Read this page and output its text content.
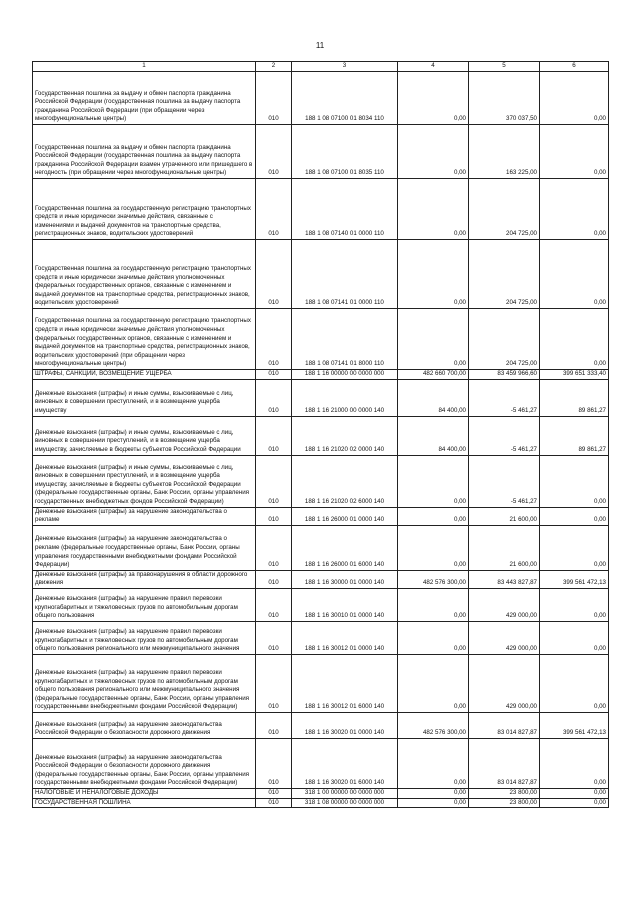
11
1	2	3	4	5	6
Государственная пошлина за выдачу и обмен паспорта гражданина Российской Федерации (государственная пошлина за выдачу паспорта гражданина Российской Федерации (при обращении через многофункциональные центры)	010	188 1 08 07100 01 8034 110	0,00	370 037,50	0,00
Государственная пошлина за выдачу и обмен паспорта гражданина Российской Федерации (государственная пошлина за выдачу паспорта гражданина Российской Федерации взамен утраченного или пришедшего в негодность (при обращении через многофункциональные центры)	010	188 1 08 07100 01 8035 110	0,00	163 225,00	0,00
Государственная пошлина за государственную регистрацию транспортных средств и иные юридически значимые действия, связанные с изменениями и выдачей документов на транспортные средства, регистрационных знаков, водительских удостоверений	010	188 1 08 07140 01 0000 110	0,00	204 725,00	0,00
Государственная пошлина за государственную регистрацию транспортных средств и иные юридически значимые действия уполномоченных федеральных государственных органов, связанные с изменением и выдачей документов на транспортные средства, регистрационных знаков, водительских удостоверений	010	188 1 08 07141 01 0000 110	0,00	204 725,00	0,00
Государственная пошлина за государственную регистрацию транспортных средств и иные юридически значимые действия уполномоченных федеральных государственных органов, связанные с изменением и выдачей документов на транспортные средства, регистрационных знаков, водительских удостоверений (при обращении через многофункциональные центры)	010	188 1 08 07141 01 8000 110	0,00	204 725,00	0,00
ШТРАФЫ, САНКЦИИ, ВОЗМЕЩЕНИЕ УЩЕРБА	010	188 1 16 00000 00 0000 000	482 660 700,00	83 459 966,60	399 651 333,40
Денежные взыскания (штрафы) и иные суммы, взыскиваемые с лиц, виновных в совершении преступлений, и в возмещение ущерба имуществу	010	188 1 16 21000 00 0000 140	84 400,00	-5 461,27	89 861,27
Денежные взыскания (штрафы) и иные суммы, взыскиваемые с лиц, виновных в совершении преступлений, и в возмещение ущерба имуществу, зачисляемые в бюджеты субъектов Российской Федерации	010	188 1 16 21020 02 0000 140	84 400,00	-5 461,27	89 861,27
Денежные взыскания (штрафы) и иные суммы, взыскиваемые с лиц, виновных в совершении преступлений, и в возмещение ущерба имуществу, зачисляемые в бюджеты субъектов Российской Федерации (федеральные государственные органы, Банк России, органы управления государственных внебюджетных фондов Российской Федерации)	010	188 1 16 21020 02 6000 140	0,00	-5 461,27	0,00
Денежные взыскания (штрафы) за нарушение законодательства о рекламе	010	188 1 16 26000 01 0000 140	0,00	21 600,00	0,00
Денежные взыскания (штрафы) за нарушение законодательства о рекламе (федеральные государственные органы, Банк России, органы управления государственными внебюджетными фондами Российской Федерации)	010	188 1 16 26000 01 6000 140	0,00	21 600,00	0,00
Денежные взыскания (штрафы) за правонарушения в области дорожного движения	010	188 1 16 30000 01 0000 140	482 576 300,00	83 443 827,87	399 561 472,13
Денежные взыскания (штрафы) за нарушение правил перевозки крупногабаритных и тяжеловесных грузов по автомобильным дорогам общего пользования	010	188 1 16 30010 01 0000 140	0,00	429 000,00	0,00
Денежные взыскания (штрафы) за нарушение правил перевозки крупногабаритных и тяжеловесных грузов по автомобильным дорогам общего пользования регионального или межмуниципального значения	010	188 1 16 30012 01 0000 140	0,00	429 000,00	0,00
Денежные взыскания (штрафы) за нарушение правил перевозки крупногабаритных и тяжеловесных грузов по автомобильным дорогам общего пользования регионального или межмуниципального значения (федеральные государственные органы, Банк России, органы управления государственными внебюджетными фондами Российской Федерации)	010	188 1 16 30012 01 6000 140	0,00	429 000,00	0,00
Денежные взыскания (штрафы) за нарушение законодательства Российской Федерации о безопасности дорожного движения	010	188 1 16 30020 01 0000 140	482 576 300,00	83 014 827,87	399 561 472,13
Денежные взыскания (штрафы) за нарушение законодательства Российской Федерации о безопасности дорожного движения (федеральные государственные органы, Банк России, органы управления государственными внебюджетными фондами Российской Федерации)	010	188 1 16 30020 01 6000 140	0,00	83 014 827,87	0,00
НАЛОГОВЫЕ И НЕНАЛОГОВЫЕ ДОХОДЫ	010	318 1 00 00000 00 0000 000	0,00	23 800,00	0,00
ГОСУДАРСТВЕННАЯ ПОШЛИНА	010	318 1 08 00000 00 0000 000	0,00	23 800,00	0,00
